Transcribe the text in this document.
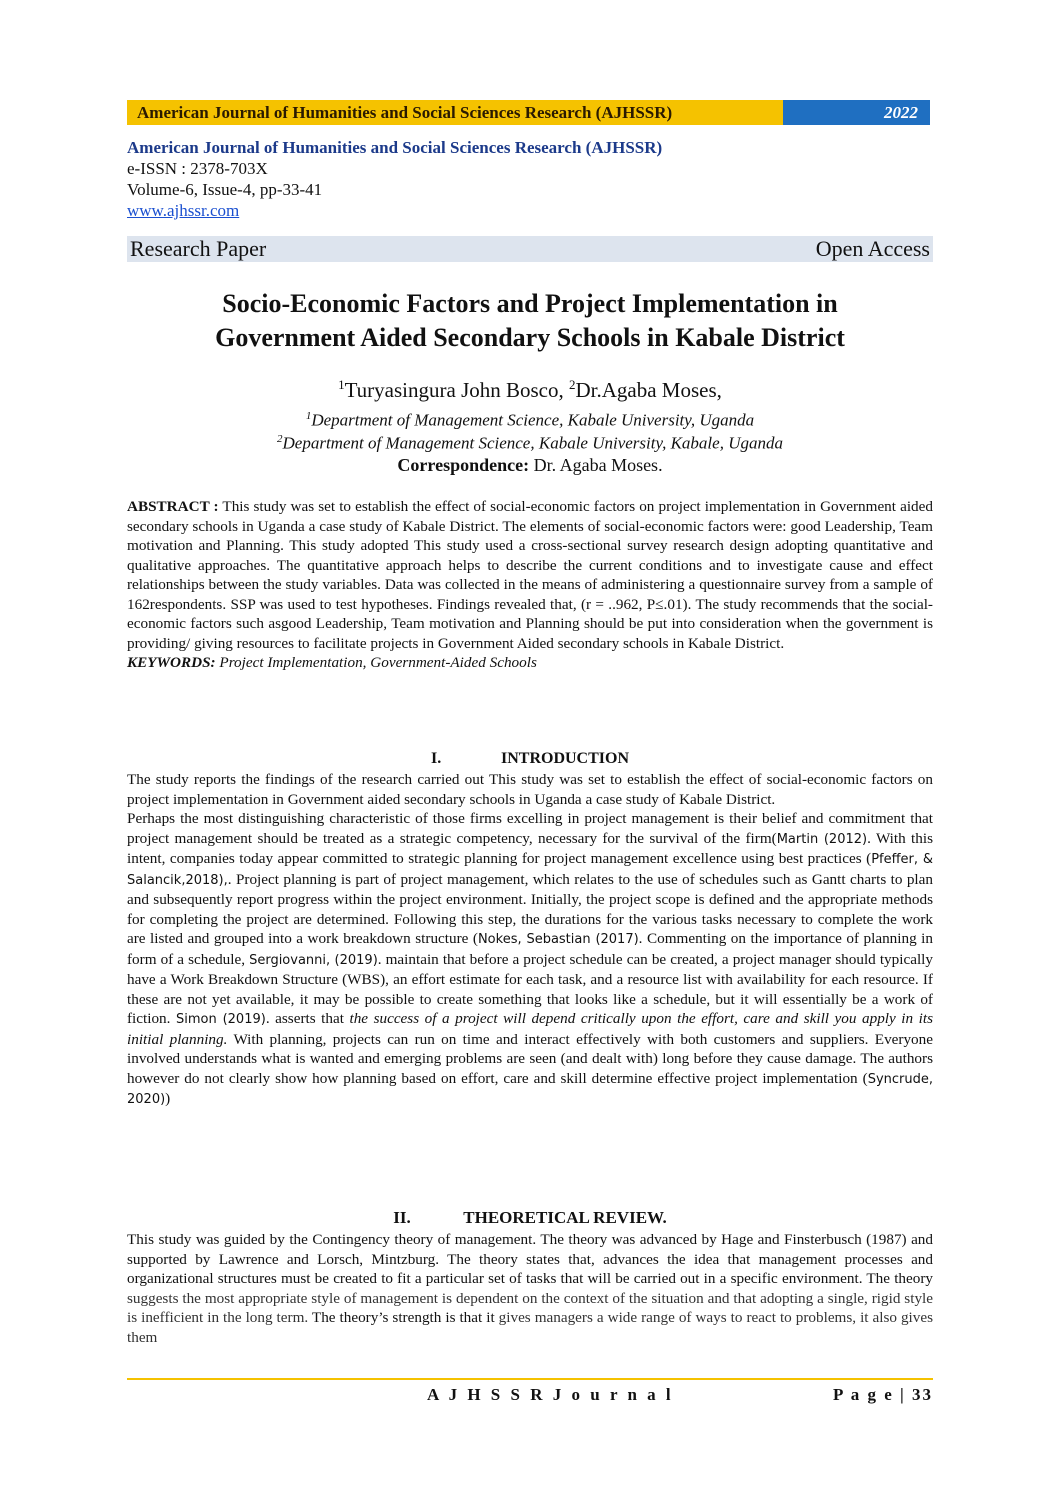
American Journal of Humanities and Social Sciences Research (AJHSSR)	2022
American Journal of Humanities and Social Sciences Research (AJHSSR)
e-ISSN : 2378-703X
Volume-6, Issue-4, pp-33-41
www.ajhssr.com
Research Paper	Open Access
Socio-Economic Factors and Project Implementation in
Government Aided Secondary Schools in Kabale District
$^1$Turyasingura John Bosco, $^2$Dr.Agaba Moses,
$^1$Department of Management Science, Kabale University, Uganda
$^2$Department of Management Science, Kabale University, Kabale, Uganda
Correspondence: Dr. Agaba Moses.

ABSTRACT : This study was set to establish the effect of social-economic factors on project implementation in Government aided secondary schools in Uganda a case study of Kabale District. The elements of social-economic factors were: good Leadership, Team motivation and Planning. This study adopted This study used a cross-sectional survey research design adopting quantitative and qualitative approaches. The quantitative approach helps to describe the current conditions and to investigate cause and effect relationships between the study variables. Data was collected in the means of administering a questionnaire survey from a sample of 162respondents. SSP was used to test hypotheses. Findings revealed that, (r = ..962, P≤.01). The study recommends that the social-economic factors such asgood Leadership, Team motivation and Planning should be put into consideration when the government is providing/ giving resources to facilitate projects in Government Aided secondary schools in Kabale District.

KEYWORDS: Project Implementation, Government-Aided Schools

I.	INTRODUCTION

The study reports the findings of the research carried out This study was set to establish the effect of social-economic factors on project implementation in Government aided secondary schools in Uganda a case study of Kabale District.

Perhaps the most distinguishing characteristic of those firms excelling in project management is their belief and commitment that project management should be treated as a strategic competency, necessary for the survival of the firm(Martin (2012). With this intent, companies today appear committed to strategic planning for project management excellence using best practices (Pfeffer, & Salancik,2018),. Project planning is part of project management, which relates to the use of schedules such as Gantt charts to plan and subsequently report progress within the project environment. Initially, the project scope is defined and the appropriate methods for completing the project are determined. Following this step, the durations for the various tasks necessary to complete the work are listed and grouped into a work breakdown structure (Nokes, Sebastian (2017). Commenting on the importance of planning in form of a schedule, Sergiovanni, (2019). maintain that before a project schedule can be created, a project manager should typically have a Work Breakdown Structure (WBS), an effort estimate for each task, and a resource list with availability for each resource. If these are not yet available, it may be possible to create something that looks like a schedule, but it will essentially be a work of fiction. Simon (2019). asserts that the success of a project will depend critically upon the effort, care and skill you apply in its initial planning. With planning, projects can run on time and interact effectively with both customers and suppliers. Everyone involved understands what is wanted and emerging problems are seen (and dealt with) long before they cause damage. The authors however do not clearly show how planning based on effort, care and skill determine effective project implementation (Syncrude, 2020))

II.	THEORETICAL REVIEW.

This study was guided by the Contingency theory of management. The theory was advanced by Hage and Finsterbusch (1987) and supported by Lawrence and Lorsch, Mintzburg. The theory states that, advances the idea that management processes and organizational structures must be created to fit a particular set of tasks that will be carried out in a specific environment. The theory suggests the most appropriate style of management is dependent on the context of the situation and that adopting a single, rigid style is inefficient in the long term. The theory’s strength is that it gives managers a wide range of ways to react to problems, it also gives them

A J H S S R J o u r n a l	P a g e | 33
